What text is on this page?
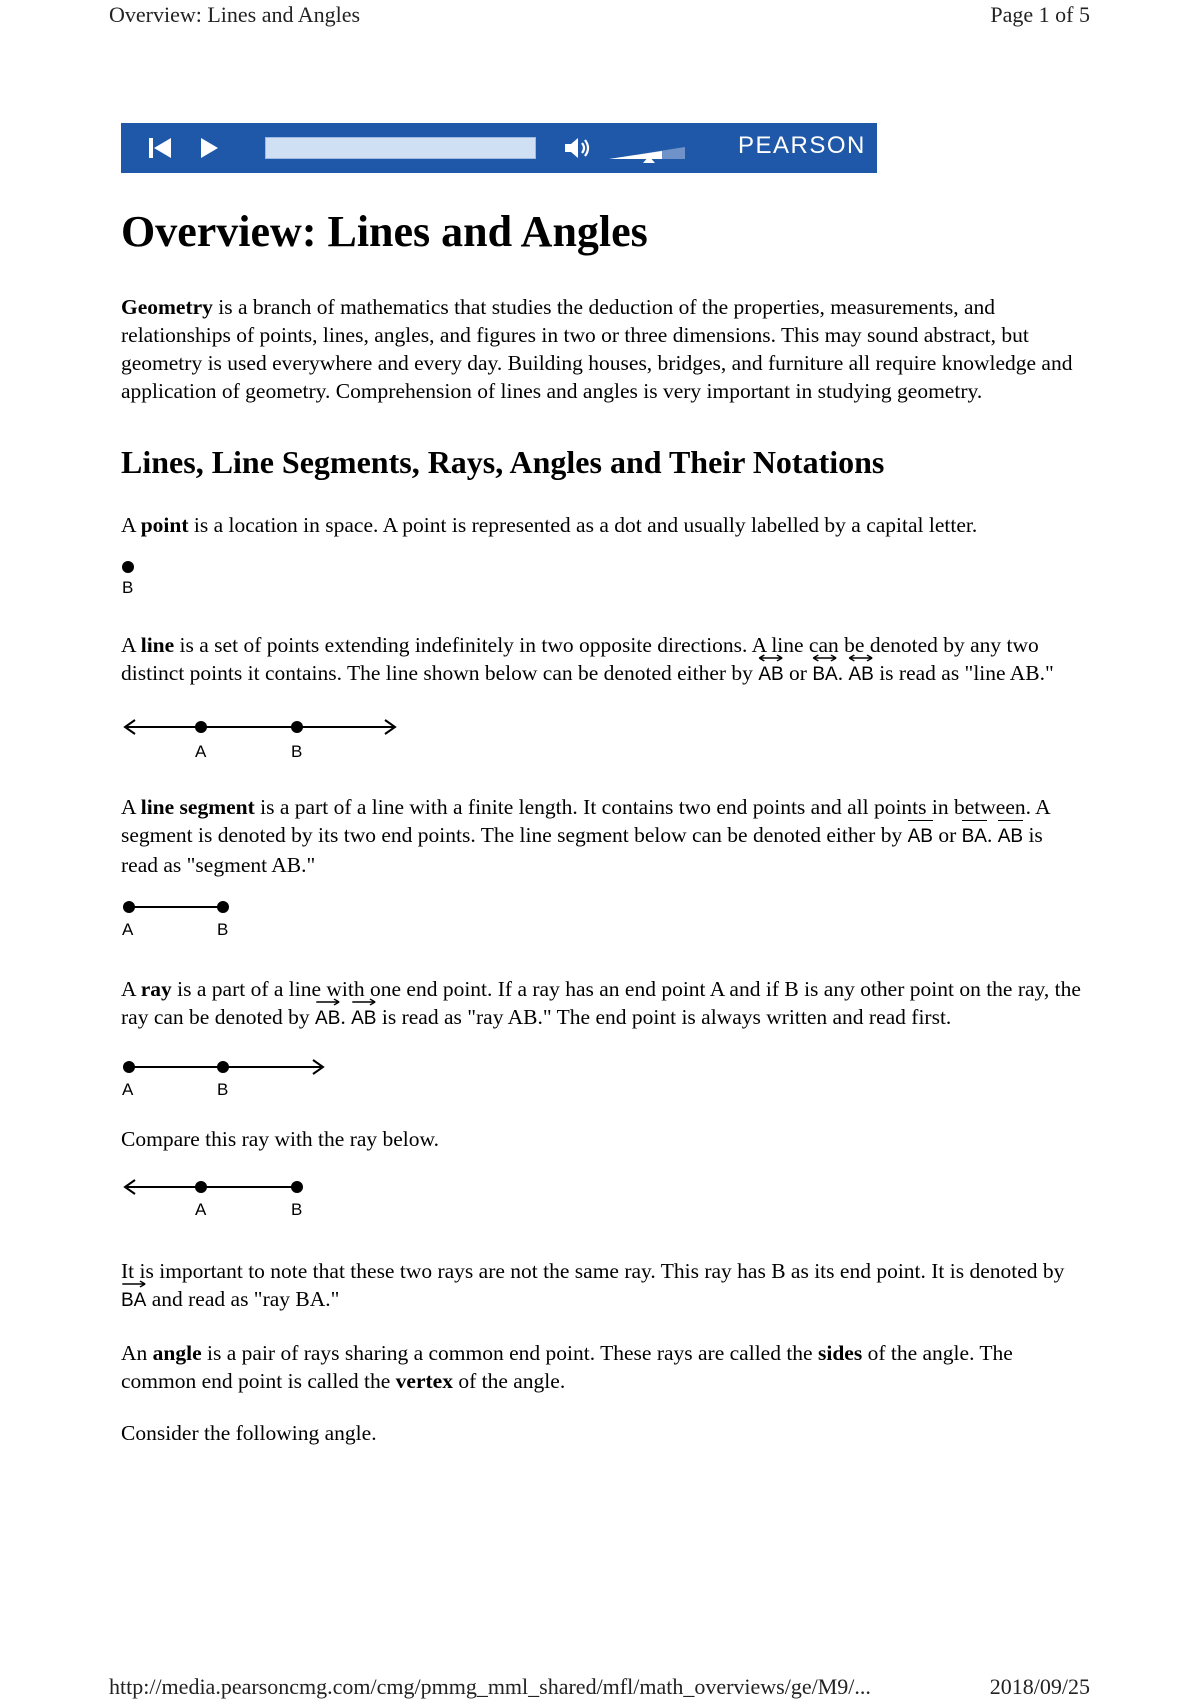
Overview: Lines and Angles	Page 1 of 5
PEARSON
Overview: Lines and Angles

Geometry is a branch of mathematics that studies the deduction of the properties, measurements, and relationships of points, lines, angles, and figures in two or three dimensions. This may sound abstract, but geometry is used everywhere and every day. Building houses, bridges, and furniture all require knowledge and application of geometry. Comprehension of lines and angles is very important in studying geometry.

Lines, Line Segments, Rays, Angles and Their Notations

A point is a location in space. A point is represented as a dot and usually labelled by a capital letter.

B

A line is a set of points extending indefinitely in two opposite directions. A line can be denoted by any two distinct points it contains. The line shown below can be denoted either by
AB or
BA.
AB is read as "line AB."

A	B

A line segment is a part of a line with a finite length. It contains two end points and all points in between. A segment is denoted by its two end points. The line segment below can be denoted either by
AB or
BA.
AB is read as "segment AB."

A	B

A ray is a part of a line with one end point. If a ray has an end point A and if B is any other point on the ray, the ray can be denoted by
AB.
AB is read as "ray AB." The end point is always written and read first.

A	B

Compare this ray with the ray below.

A	B

It is important to note that these two rays are not the same ray. This ray has B as its end point. It is denoted by
BA and read as "ray BA."

An angle is a pair of rays sharing a common end point. These rays are called the sides of the angle. The common end point is called the vertex of the angle.

Consider the following angle.

http://media.pearsoncmg.com/cmg/pmmg_mml_shared/mfl/math_overviews/ge/M9/...	2018/09/25
